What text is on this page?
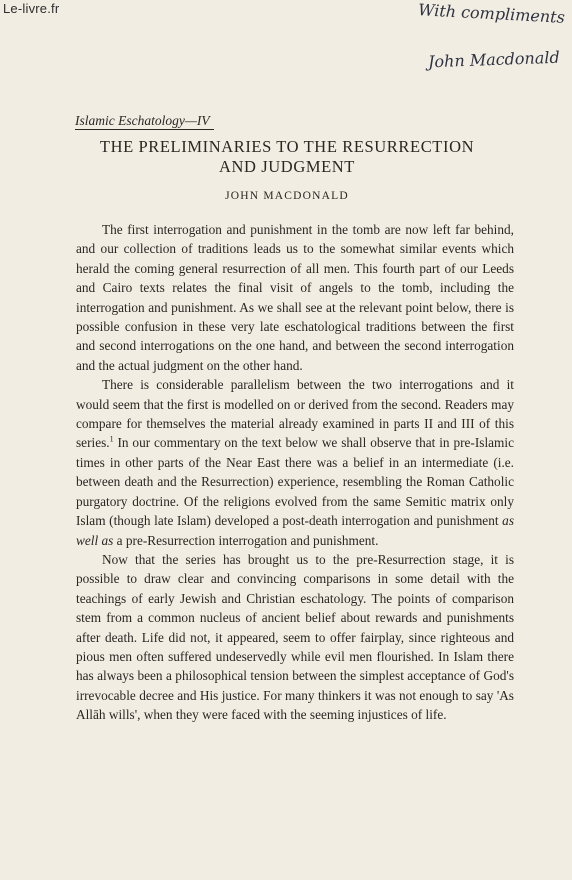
Le-livre.fr	With compliments
John Macdonald
Islamic Eschatology—IV
THE PRELIMINARIES TO THE RESURRECTION
AND JUDGMENT
JOHN MACDONALD

The first interrogation and punishment in the tomb are now left far behind, and our collection of traditions leads us to the somewhat similar events which herald the coming general resurrection of all men. This fourth part of our Leeds and Cairo texts relates the final visit of angels to the tomb, including the interrogation and punishment. As we shall see at the relevant point below, there is possible confusion in these very late eschatological traditions between the first and second interrogations on the one hand, and between the second interrogation and the actual judgment on the other hand.

There is considerable parallelism between the two interrogations and it would seem that the first is modelled on or derived from the second. Readers may compare for themselves the material already examined in parts II and III of this series.$^1$ In our commentary on the text below we shall observe that in pre-Islamic times in other parts of the Near East there was a belief in an intermediate (i.e. between death and the Resurrection) experience, resembling the Roman Catholic purgatory doctrine. Of the religions evolved from the same Semitic matrix only Islam (though late Islam) developed a post-death interrogation and punishment as well as a pre-Resurrection interrogation and punishment.

Now that the series has brought us to the pre-Resurrection stage, it is possible to draw clear and convincing comparisons in some detail with the teachings of early Jewish and Christian eschatology. The points of comparison stem from a common nucleus of ancient belief about rewards and punishments after death. Life did not, it appeared, seem to offer fairplay, since righteous and pious men often suffered undeservedly while evil men flourished. In Islam there has always been a philosophical tension between the simplest acceptance of God's irrevocable decree and His justice. For many thinkers it was not enough to say 'As Allāh wills', when they were faced with the seeming injustices of life.
